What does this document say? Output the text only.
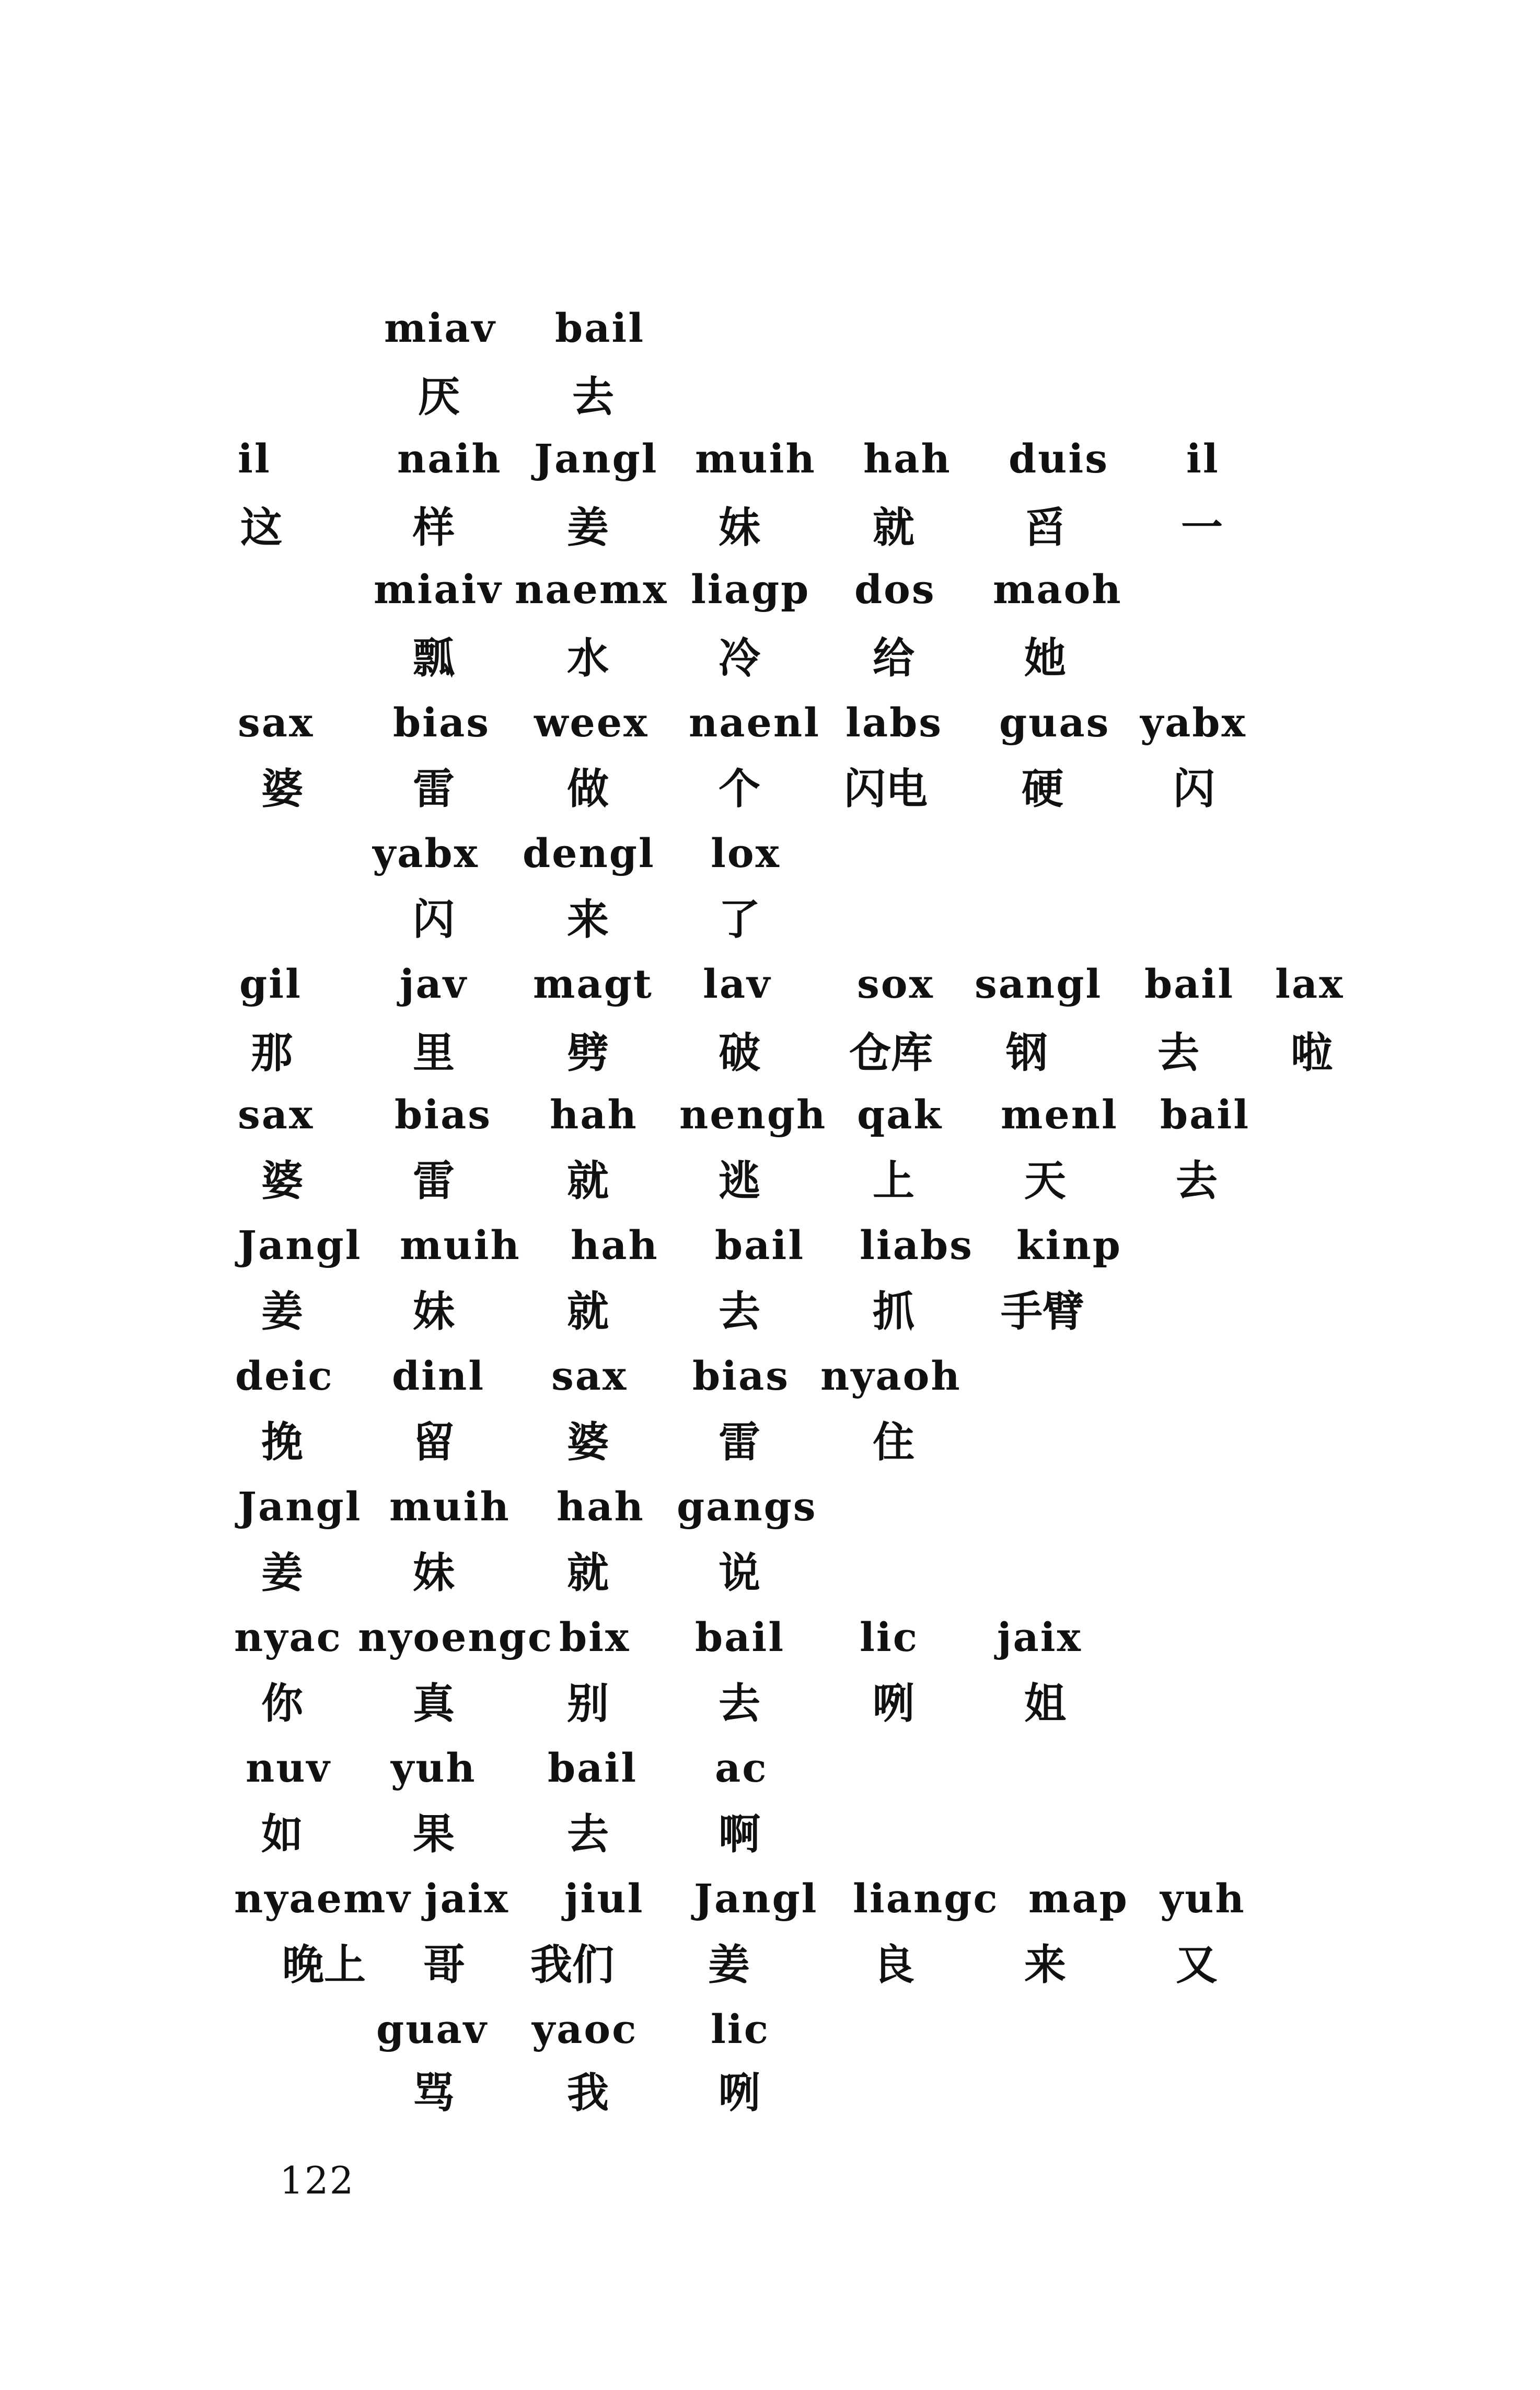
miav bail
厌	去
il	naih Jangl muih hah duis il
这	样	姜	妹	就	舀	一
miaiv naemx liagp dos maoh
瓢	水	冷	给	她
sax bias weex naenl labs guas yabx
婆	雷	做	个 闪电 硬	闪
yabx dengl lox
闪	来	了
gil jav magt lav sox sangl bail lax
那	里	劈	破 仓库 钢	去 啦
sax bias hah nengh qak menl bail
婆	雷	就	逃	上	天	去
Jangl muih hah bail liabs kinp
姜	妹	就	去	抓 手臂
deic dinl sax bias nyaoh
挽	留	婆	雷	住
Jangl muih hah gangs
姜	妹	就	说
nyac nyoengc bix bail lic jaix
你	真	别	去	咧	姐
nuv yuh bail ac
如	果	去	啊
nyaemv jaix jiul Jangl liangc map yuh
晚上 哥 我们 姜	良	来	又
guav yaoc lic
骂	我	咧
122
